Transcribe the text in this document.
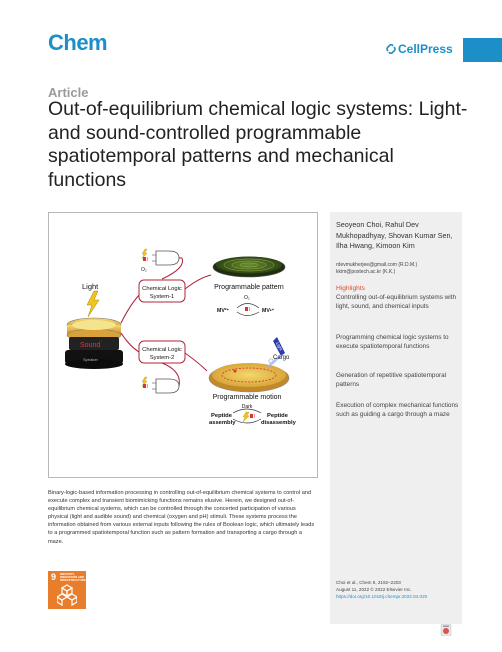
Chem	CellPress
Article
Out-of-equilibrium chemical logic systems: Light- and sound-controlled programmable spatiotemporal patterns and mechanical functions
Light
Sound
Speaker
Chemical Logic
System-1
Chemical Logic
System-2
O₂
Programmable pattern
O₂
MV²⁺	MV•⁺
Light
Cargo
Programmable motion
Dark
Peptide
assembly
Peptide
disassembly
Seoyeon Choi, Rahul Dev Mukhopadhyay, Shovan Kumar Sen, Ilha Hwang, Kimoon Kim
rdevmukherjee@gmail.com (R.D.M.)
kkim@postech.ac.kr (K.K.)
Highlights
Controlling out-of-equilibrium systems with light, sound, and chemical inputs
Programming chemical logic systems to execute spatiotemporal functions
Generation of repetitive spatiotemporal patterns
Execution of complex mechanical functions such as guiding a cargo through a maze
Choi et al., Chem 8, 2192–2203
August 11, 2022 © 2022 Elsevier Inc.
https://doi.org/10.1016/j.chempr.2022.04.020
Binary-logic-based information processing in controlling out-of-equilibrium chemical systems to control and execute complex and transient biomimicking functions remains elusive. Herein, we designed out-of-equilibrium chemical systems, which can be controlled through the concerted participation of various physical (light and audible sound) and chemical (oxygen and pH) stimuli. These systems process the information obtained from various external inputs following the rules of Boolean logic, which ultimately leads to a programmed spatiotemporal function such as pattern formation and transporting a cargo through a maze.
9 INDUSTRY, INNOVATION AND INFRASTRUCTURE
